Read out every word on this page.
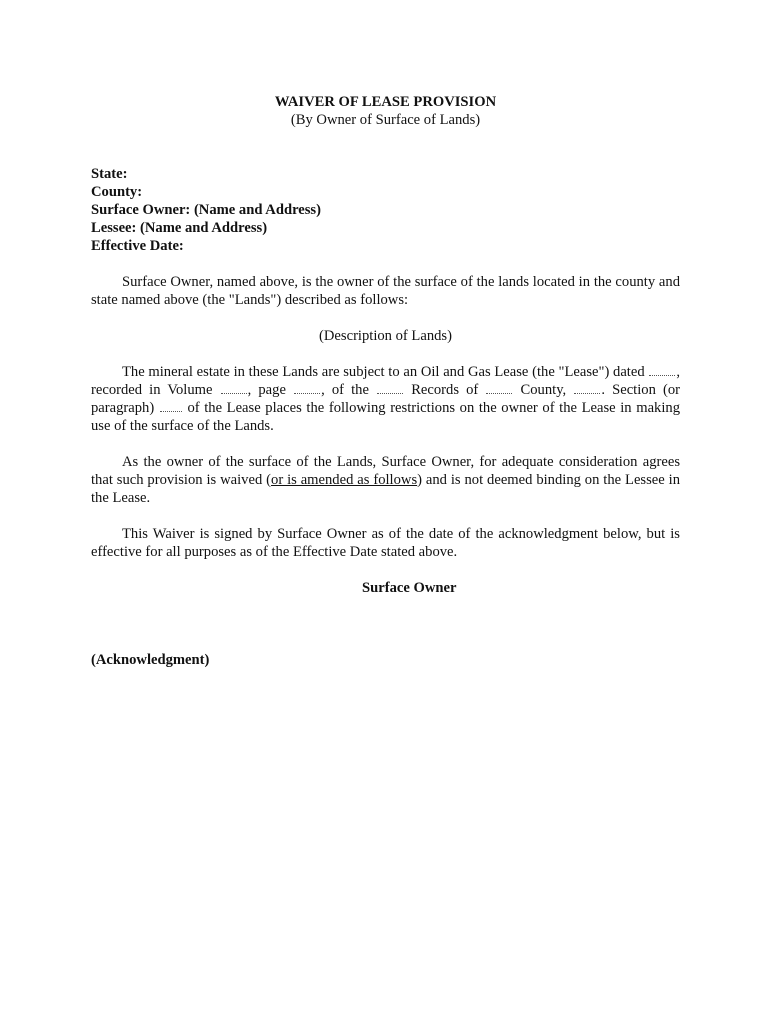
WAIVER OF LEASE PROVISION
(By Owner of Surface of Lands)
State:
County:
Surface Owner: (Name and Address)
Lessee: (Name and Address)
Effective Date:

Surface Owner, named above, is the owner of the surface of the lands located in the county and state named above (the "Lands") described as follows:

(Description of Lands)

The mineral estate in these Lands are subject to an Oil and Gas Lease (the "Lease") dated , recorded in Volume , page , of the	Records of	County, . Section (or paragraph) of the Lease places the following restrictions on the owner of the Lease in making use of the surface of the Lands.

As the owner of the surface of the Lands, Surface Owner, for adequate consideration agrees that such provision is waived (or is amended as follows) and is not deemed binding on the Lessee in the Lease.

This Waiver is signed by Surface Owner as of the date of the acknowledgment below, but is effective for all purposes as of the Effective Date stated above.

Surface Owner
(Acknowledgment)
